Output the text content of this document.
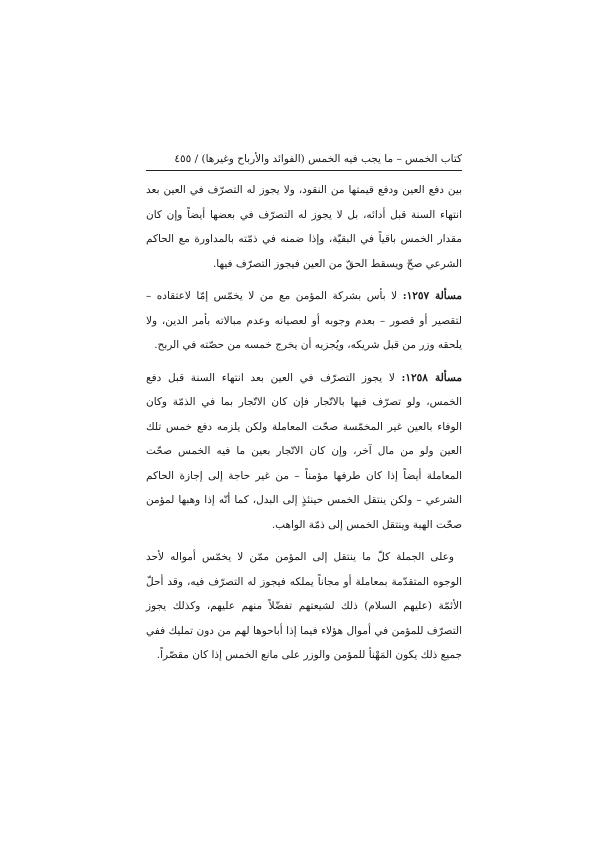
كتاب الخمس – ما يجب فيه الخمس (الفوائد والأرباح وغيرها) / ٤٥٥

بين دفع العين ودفع قيمتها من النقود، ولا يجوز له التصرّف في العين بعد انتهاء السنة قبل أدائه، بل لا يجوز له التصرّف في بعضها أيضاً وإن كان مقدار الخمس باقياً في البقيّة، وإذا ضمنه في ذمّته بالمداورة مع الحاكم الشرعي صحّ ويسقط الحقّ من العين فيجوز التصرّف فيها.

مسألة ١٢٥٧: لا بأس بشركة المؤمن مع من لا يخمّس إمّا لاعتقاده – لتقصير أو قصور – بعدم وجوبه أو لعصيانه وعدم مبالاته بأمر الدين، ولا يلحقه وزر من قبل شريكه، ويُجزيه أن يخرج خمسه من حصّته في الربح.

مسألة ١٢٥٨: لا يجوز التصرّف في العين بعد انتهاء السنة قبل دفع الخمس، ولو تصرّف فيها بالاتّجار فإن كان الاتّجار بما في الذمّة وكان الوفاء بالعين غير المخمّسة صحّت المعاملة ولكن يلزمه دفع خمس تلك العين ولو من مال آخر، وإن كان الاتّجار بعين ما فيه الخمس صحّت المعاملة أيضاً إذا كان طرفها مؤمناً – من غير حاجة إلى إجازة الحاكم الشرعي – ولكن ينتقل الخمس حينئذٍ إلى البدل، كما أنّه إذا وهبها لمؤمن صحّت الهبة وينتقل الخمس إلى ذمّة الواهب.

وعلى الجملة كلّ ما ينتقل إلى المؤمن ممّن لا يخمّس أمواله لأحد الوجوه المتقدّمة بمعاملة أو مجاناً يملكه فيجوز له التصرّف فيه، وقد أحلّ الأئمّة (عليهم السلام) ذلك لشيعتهم تفضّلاً منهم عليهم، وكذلك يجوز التصرّف للمؤمن في أموال هؤلاء فيما إذا أباحوها لهم من دون تمليك ففي جميع ذلك يكون المَهْنأ للمؤمن والوزر على مانع الخمس إذا كان مقصّراً.
